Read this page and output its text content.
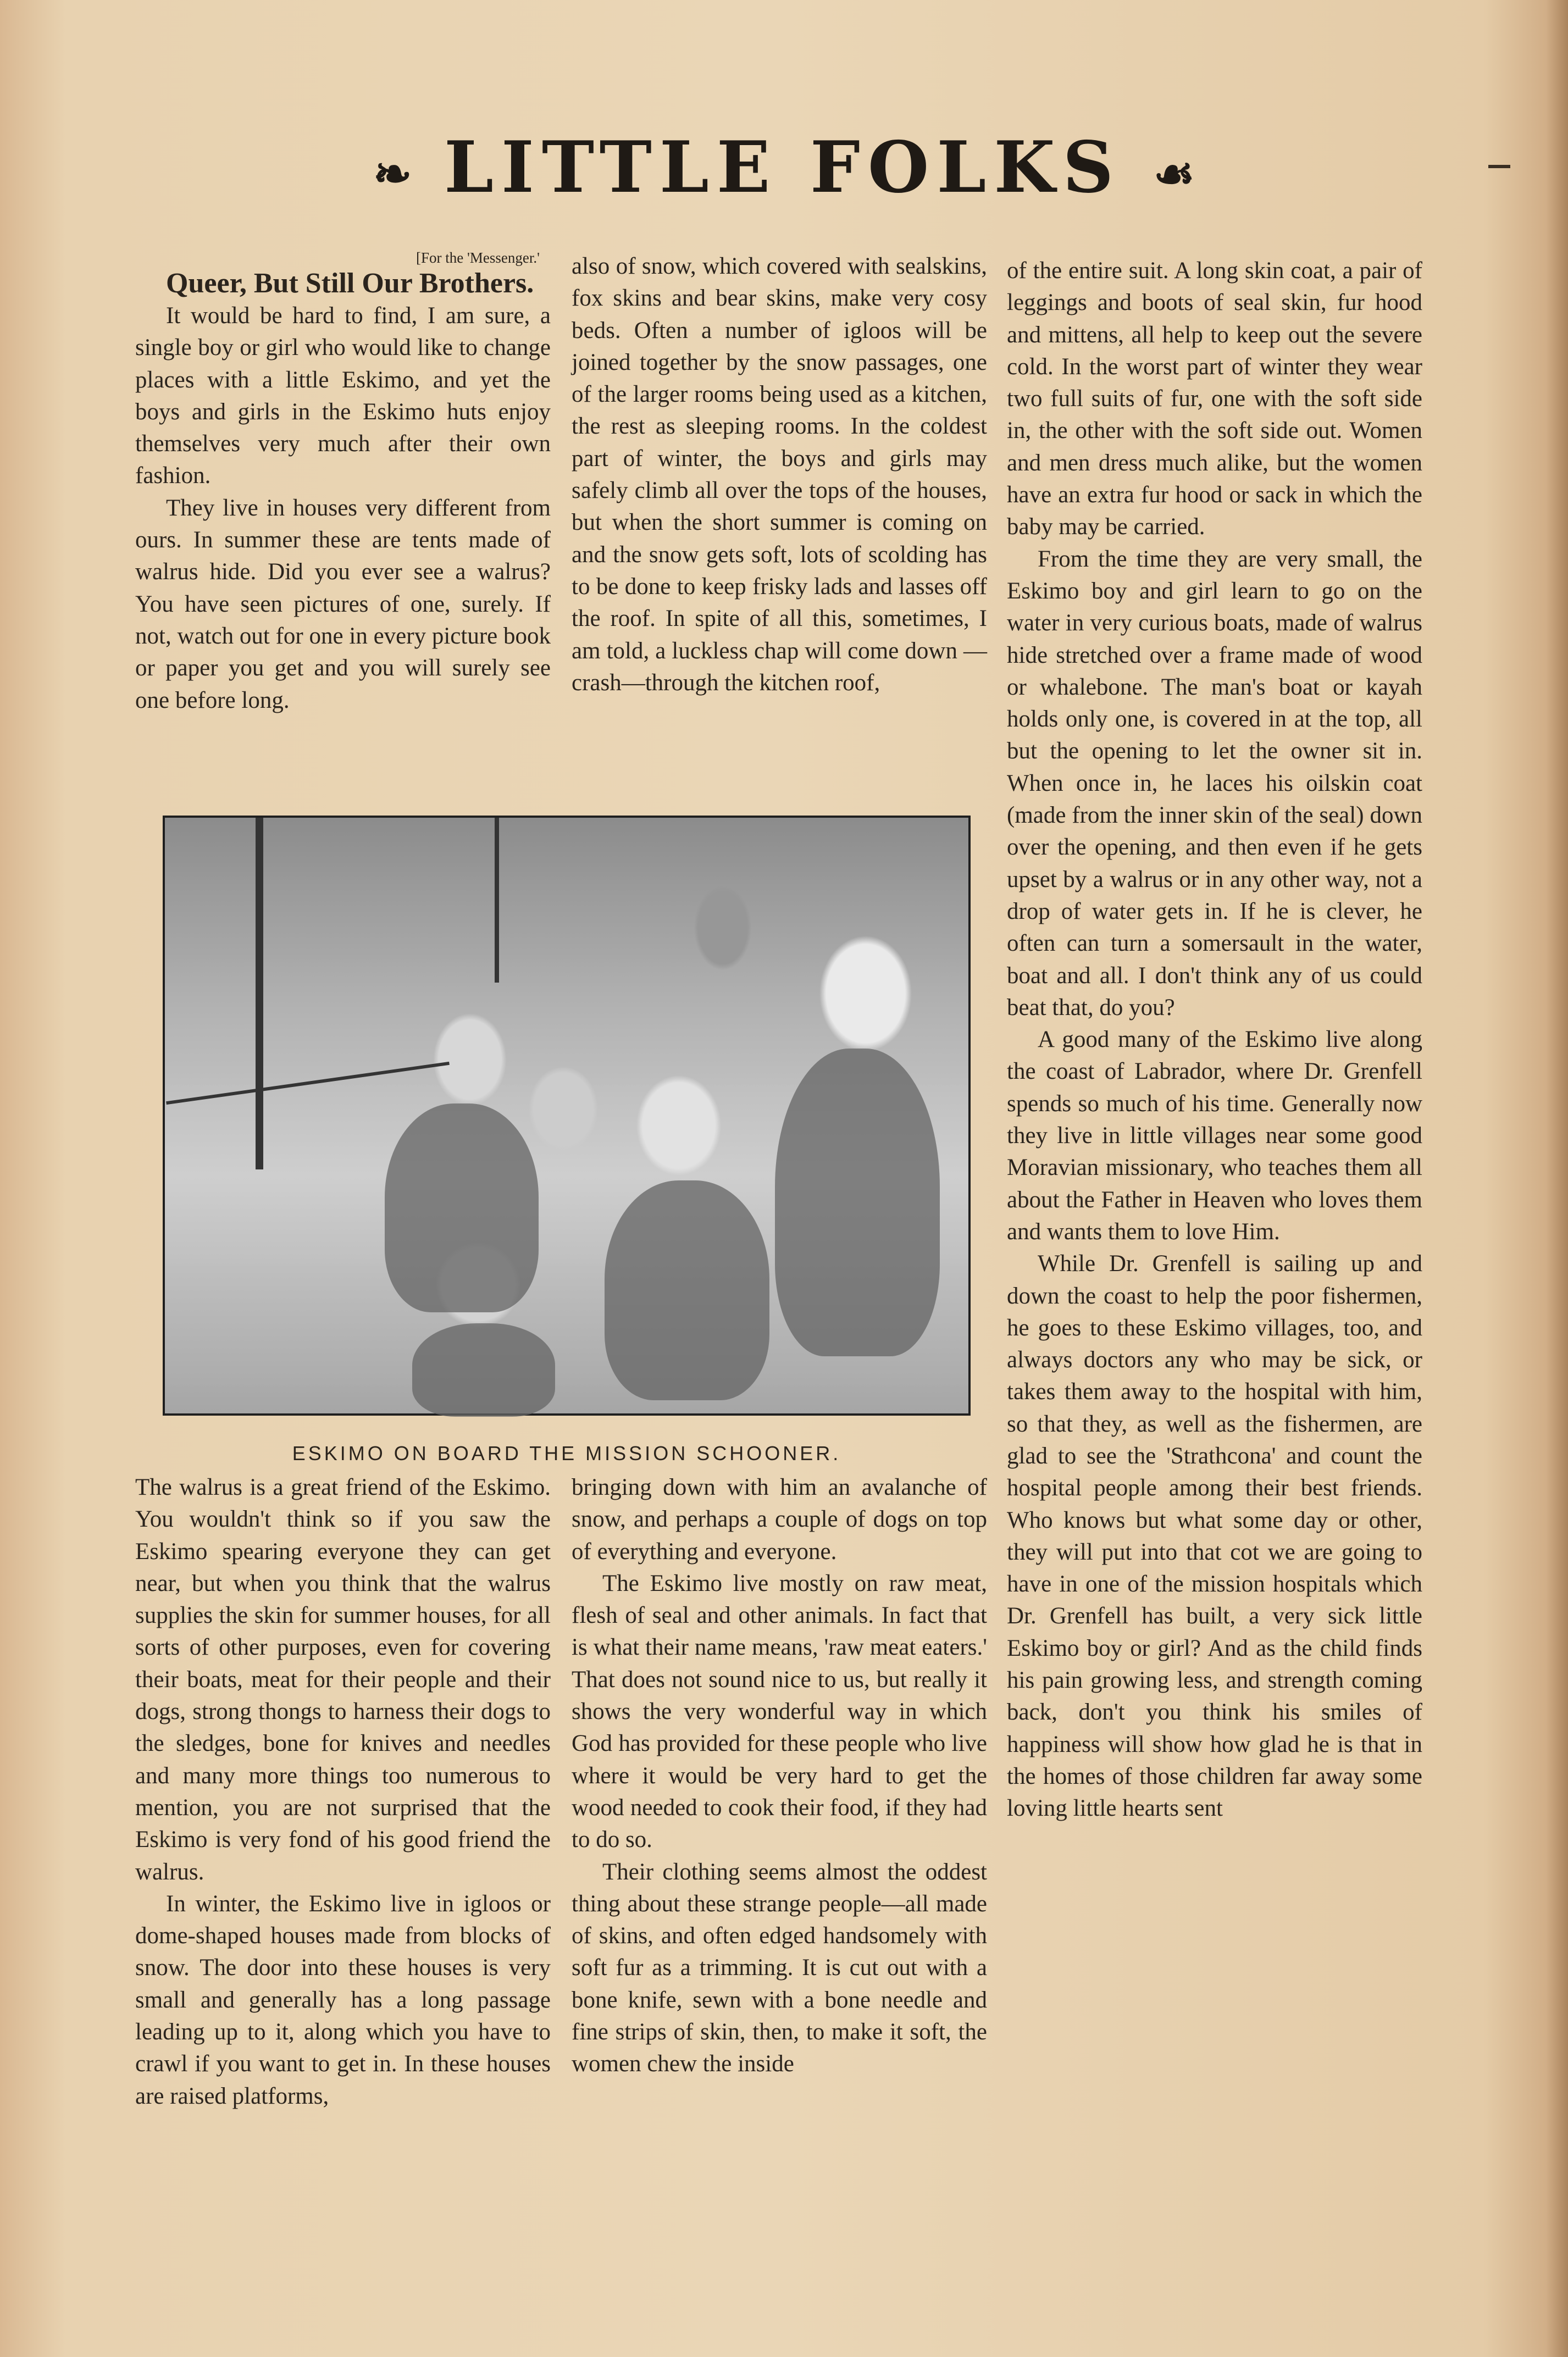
❧ LITTLE FOLKS ☙

[For the 'Messenger.'

Queer, But Still Our Brothers.

It would be hard to find, I am sure, a single boy or girl who would like to change places with a little Eskimo, and yet the boys and girls in the Eskimo huts enjoy themselves very much after their own fashion.

They live in houses very different from ours. In summer these are tents made of walrus hide. Did you ever see a walrus? You have seen pictures of one, surely. If not, watch out for one in every picture book or paper you get and you will surely see one before long.

also of snow, which covered with sealskins, fox skins and bear skins, make very cosy beds. Often a number of igloos will be joined together by the snow passages, one of the larger rooms being used as a kitchen, the rest as sleeping rooms. In the coldest part of winter, the boys and girls may safely climb all over the tops of the houses, but when the short summer is coming on and the snow gets soft, lots of scolding has to be done to keep frisky lads and lasses off the roof. In spite of all this, sometimes, I am told, a luckless chap will come down —crash—through the kitchen roof,

of the entire suit. A long skin coat, a pair of leggings and boots of seal skin, fur hood and mittens, all help to keep out the severe cold. In the worst part of winter they wear two full suits of fur, one with the soft side in, the other with the soft side out. Women and men dress much alike, but the women have an extra fur hood or sack in which the baby may be carried.

From the time they are very small, the Eskimo boy and girl learn to go on the water in very curious boats, made of walrus hide stretched over a frame made of wood or whalebone. The man's boat or kayah holds only one, is covered in at the top, all but the opening to let the owner sit in. When once in, he laces his oilskin coat (made from the inner skin of the seal) down over the opening, and then even if he gets upset by a walrus or in any other way, not a drop of water gets in. If he is clever, he often can turn a somersault in the water, boat and all. I don't think any of us could beat that, do you?

A good many of the Eskimo live along the coast of Labrador, where Dr. Grenfell spends so much of his time. Generally now they live in little villages near some good Moravian missionary, who teaches them all about the Father in Heaven who loves them and wants them to love Him.

While Dr. Grenfell is sailing up and down the coast to help the poor fishermen, he goes to these Eskimo villages, too, and always doctors any who may be sick, or takes them away to the hospital with him, so that they, as well as the fishermen, are glad to see the 'Strathcona' and count the hospital people among their best friends. Who knows but what some day or other, they will put into that cot we are going to have in one of the mission hospitals which Dr. Grenfell has built, a very sick little Eskimo boy or girl? And as the child finds his pain growing less, and strength coming back, don't you think his smiles of happiness will show how glad he is that in the homes of those children far away some loving little hearts sent

ESKIMO ON BOARD THE MISSION SCHOONER.

The walrus is a great friend of the Eskimo. You wouldn't think so if you saw the Eskimo spearing everyone they can get near, but when you think that the walrus supplies the skin for summer houses, for all sorts of other purposes, even for covering their boats, meat for their people and their dogs, strong thongs to harness their dogs to the sledges, bone for knives and needles and many more things too numerous to mention, you are not surprised that the Eskimo is very fond of his good friend the walrus.

In winter, the Eskimo live in igloos or dome-shaped houses made from blocks of snow. The door into these houses is very small and generally has a long passage leading up to it, along which you have to crawl if you want to get in. In these houses are raised platforms,

bringing down with him an avalanche of snow, and perhaps a couple of dogs on top of everything and everyone.

The Eskimo live mostly on raw meat, flesh of seal and other animals. In fact that is what their name means, 'raw meat eaters.' That does not sound nice to us, but really it shows the very wonderful way in which God has provided for these people who live where it would be very hard to get the wood needed to cook their food, if they had to do so.

Their clothing seems almost the oddest thing about these strange people—all made of skins, and often edged handsomely with soft fur as a trimming. It is cut out with a bone knife, sewn with a bone needle and fine strips of skin, then, to make it soft, the women chew the inside
